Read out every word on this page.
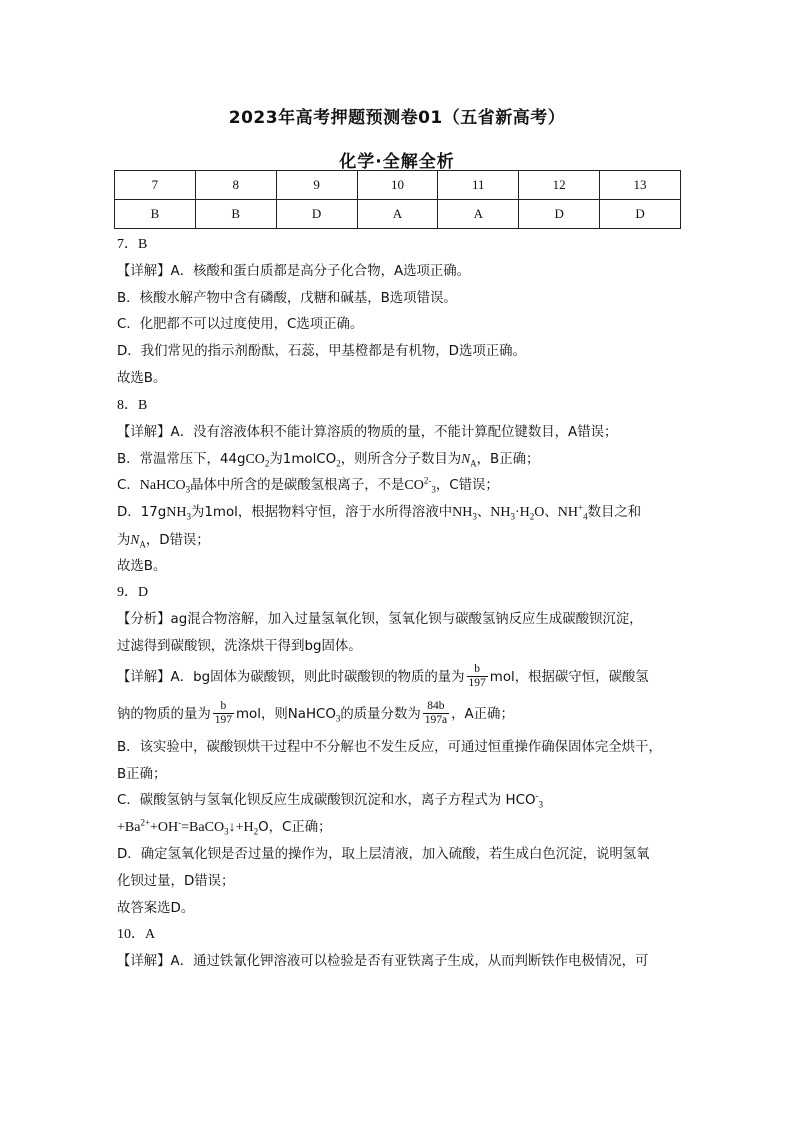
2023年高考押题预测卷01（五省新高考）
化学·全解全析
7	8	9	10	11	12	13
B	B	D	A	A	D	D
7．B
【详解】A．核酸和蛋白质都是高分子化合物，A选项正确。
B．核酸水解产物中含有磷酸，戊糖和碱基，B选项错误。
C．化肥都不可以过度使用，C选项正确。
D．我们常见的指示剂酚酞，石蕊，甲基橙都是有机物，D选项正确。
故选B。
8．B
【详解】A．没有溶液体积不能计算溶质的物质的量，不能计算配位键数目，A错误；
B．常温常压下，44gCO$_2$为1molCO$_2$，则所含分子数目为$N_A$，B正确；
C．NaHCO$_3$晶体中所含的是碳酸氢根离子，不是$CO^{2-}_3$，C错误；
D．17gNH$_3$为1mol，根据物料守恒，溶于水所得溶液中$NH_3$、$NH_3\cdot H_2O$、$NH^+_4$数目之和
为$N_A$，D错误；
故选B。
9．D
【分析】ag混合物溶解，加入过量氢氧化钡，氢氧化钡与碳酸氢钠反应生成碳酸钡沉淀，
过滤得到碳酸钡，洗涤烘干得到bg固体。
【详解】A．bg固体为碳酸钡，则此时碳酸钡的物质的量为 $\frac{b}{197}$ mol，根据碳守恒，碳酸氢
钠的物质的量为 $\frac{b}{197}$ mol，则NaHCO$_3$的质量分数为 $\frac{84b}{197a}$ ，A正确；
B．该实验中，碳酸钡烘干过程中不分解也不发生反应，可通过恒重操作确保固体完全烘干，
B正确；
C．碳酸氢钠与氢氧化钡反应生成碳酸钡沉淀和水，离子方程式为 $HCO^-_3$
$+Ba^{2+}+OH^-=BaCO_3↓+H_2O$，C正确；
D．确定氢氧化钡是否过量的操作为，取上层清液，加入硫酸，若生成白色沉淀，说明氢氧
化钡过量，D错误；
故答案选D。
10．A
【详解】A．通过铁氰化钾溶液可以检验是否有亚铁离子生成，从而判断铁作电极情况，可
